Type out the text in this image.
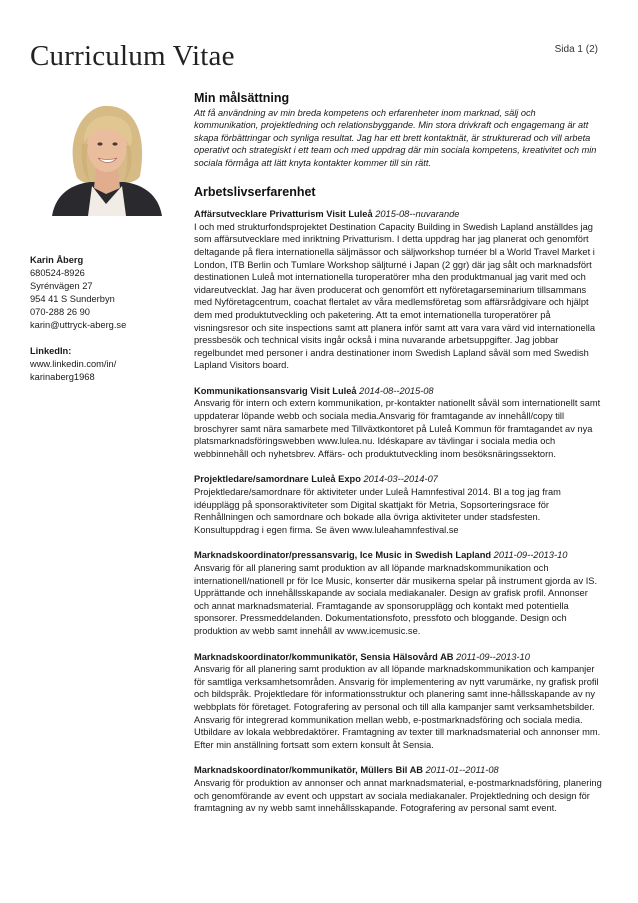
Curriculum Vitae	Sida 1 (2)
Karin Åberg
680524-8926
Syrénvägen 27
954 41 S Sunderbyn
070-288 26 90
karin@uttryck-aberg.se
LinkedIn:
www.linkedin.com/in/
karinaberg1968
Min målsättning
Att få användning av min breda kompetens och erfarenheter inom marknad, sälj och kommunikation, projektledning och relationsbyggande. Min stora drivkraft och engagemang är att skapa förbättringar och synliga resultat. Jag har ett brett kontaktnät, är strukturerad och vill arbeta operativt och strategiskt i ett team och med uppdrag där min sociala kompetens, kreativitet och min sociala förmåga att lätt knyta kontakter kommer till sin rätt.
Arbetslivserfarenhet
Affärsutvecklare Privatturism Visit Luleå 2015-08--nuvarande
I och med strukturfondsprojektet Destination Capacity Building in Swedish Lapland anställdes jag som affärsutvecklare med inriktning Privatturism. I detta uppdrag har jag planerat och genomfört deltagande på flera internationella säljmässor och säljworkshop turnéer bl a World Travel Market i London, ITB Berlin och Tumlare Workshop säljturné i Japan (2 ggr) där jag sålt och marknadsfört destinationen Luleå mot internationella turoperatörer mha den produktmanual jag varit med och vidareutvecklat. Jag har även producerat och genomfört ett nyföretagarseminarium tillsammans med Nyföretagcentrum, coachat flertalet av våra medlemsföretag som affärsrådgivare och hjälpt dem med produktutveckling och paketering. Att ta emot internationella turoperatörer på visningsresor och site inspections samt att planera inför samt att vara vara värd vid internationella pressbesök och technical visits ingår också i mina nuvarande arbetsuppgifter. Jag jobbar regelbundet med personer i andra destinationer inom Swedish Lapland såväl som med Swedish Lapland Visitors board.
Kommunikationsansvarig Visit Luleå 2014-08--2015-08
Ansvarig för intern och extern kommunikation, pr-kontakter nationellt såväl som internationellt samt uppdaterar löpande webb och sociala media.Ansvarig för framtagande av innehåll/copy till broschyrer samt nära samarbete med Tillväxtkontoret på Luleå Kommun för framtagandet av nya platsmarknadsföringswebben www.lulea.nu. Idéskapare av tävlingar i sociala media och webbinnehåll och nyhetsbrev. Affärs- och produktutveckling inom besöksnäringssektorn.
Projektledare/samordnare Luleå Expo 2014-03--2014-07
Projektledare/samordnare för aktiviteter under Luleå Hamnfestival 2014. Bl a tog jag fram idéupplägg på sponsoraktiviteter som Digital skattjakt för Metria, Sopsorteringsrace för Renhållningen och samordnare och bokade alla övriga aktiviteter under stadsfesten. Konsultuppdrag i egen firma. Se även www.luleahamnfestival.se
Marknadskoordinator/pressansvarig, Ice Music in Swedish Lapland 2011-09--2013-10
Ansvarig för all planering samt produktion av all löpande marknadskommunikation och internationell/nationell pr för Ice Music, konserter där musikerna spelar på instrument gjorda av IS. Upprättande och innehållsskapande av sociala mediakanaler. Design av grafisk profil. Annonser och annat marknadsmaterial. Framtagande av sponsorupplägg och kontakt med potentiella sponsorer. Pressmeddelanden. Dokumentationsfoto, pressfoto och bloggande. Design och produktion av webb samt innehåll av www.icemusic.se.
Marknadskoordinator/kommunikatör, Sensia Hälsovård AB 2011-09--2013-10
Ansvarig för all planering samt produktion av all löpande marknadskommunikation och kampanjer för samtliga verksamhetsområden. Ansvarig för implementering av nytt varumärke, ny grafisk profil och bildspråk. Projektledare för informationsstruktur och planering samt inne-hållsskapande av ny webbplats för företaget. Fotografering av personal och till alla kampanjer samt verksamhetsbilder. Ansvarig för integrerad kommunikation mellan webb, e-postmarknadsföring och sociala media. Utbildare av lokala webbredaktörer. Framtagning av texter till marknadsmaterial och annonser mm. Efter min anställning fortsatt som extern konsult åt Sensia.
Marknadskoordinator/kommunikatör, Müllers Bil AB 2011-01--2011-08
Ansvarig för produktion av annonser och annat marknadsmaterial, e-postmarknadsföring, planering och genomförande av event och uppstart av sociala mediakanaler. Projektledning och design för framtagning av ny webb samt innehållsskapande. Fotografering av personal samt event.
